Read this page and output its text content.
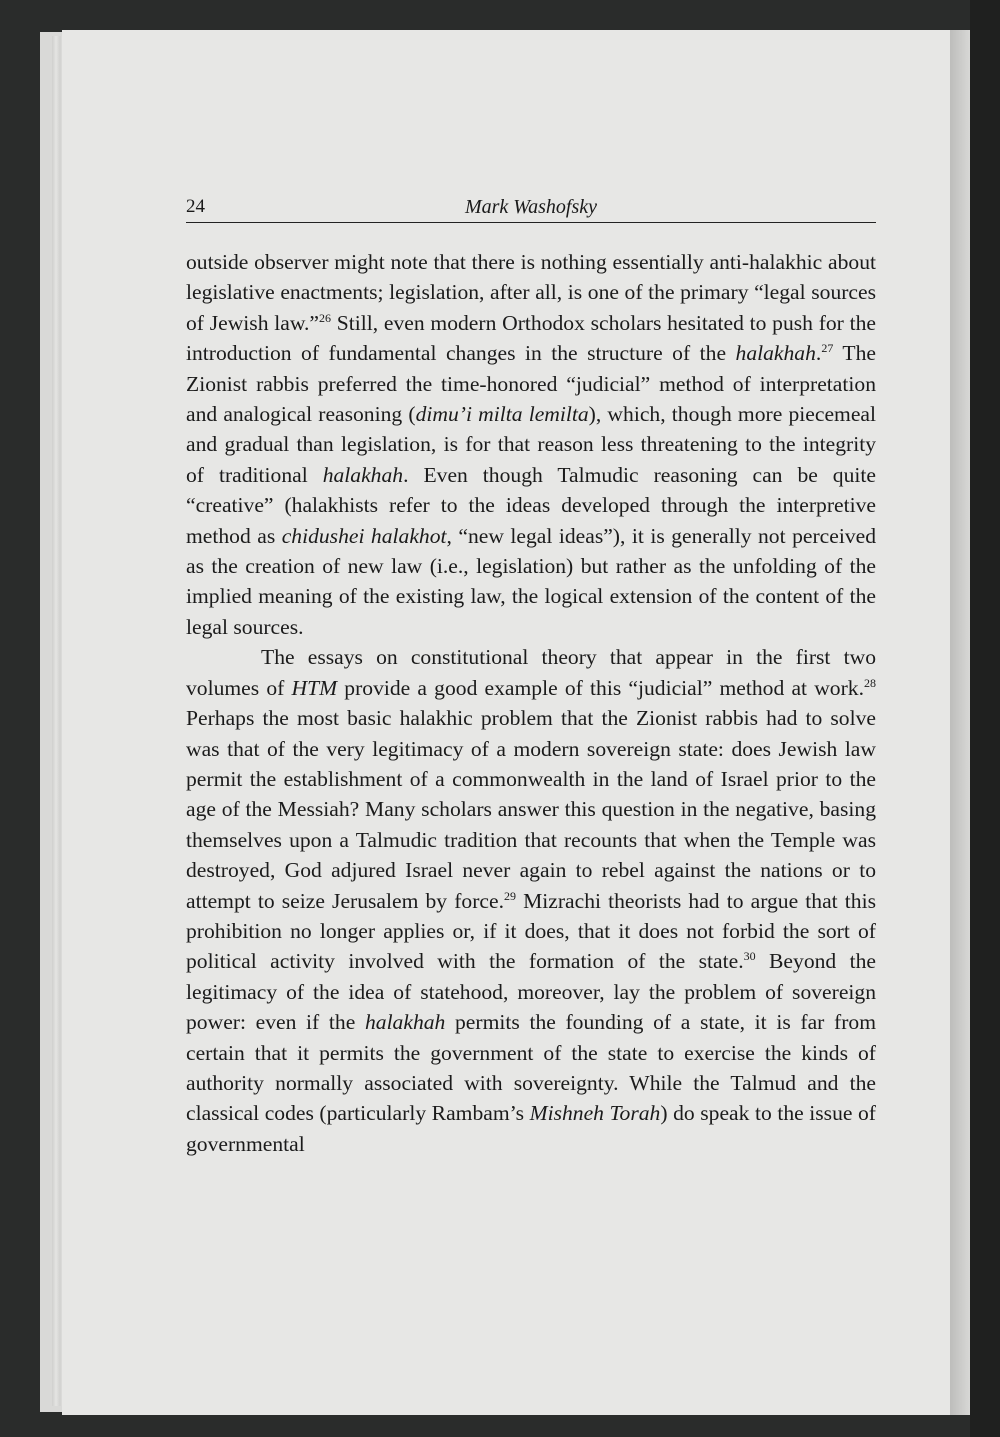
24	Mark Washofsky

outside observer might note that there is nothing essentially anti-halakhic about legislative enactments; legislation, after all, is one of the primary “legal sources of Jewish law.”$^{26}$ Still, even modern Orthodox scholars hesitated to push for the introduction of fundamental changes in the structure of the halakhah.$^{27}$ The Zionist rabbis preferred the time-honored “judicial” method of interpretation and analogical reasoning (dimu’i milta lemilta), which, though more piecemeal and gradual than legislation, is for that reason less threatening to the integrity of traditional halakhah. Even though Talmudic reasoning can be quite “creative” (halakhists refer to the ideas developed through the interpretive method as chidushei halakhot, “new legal ideas”), it is generally not perceived as the creation of new law (i.e., legislation) but rather as the unfolding of the implied meaning of the existing law, the logical extension of the content of the legal sources.

The essays on constitutional theory that appear in the first two volumes of HTM provide a good example of this “judicial” method at work.$^{28}$ Perhaps the most basic halakhic problem that the Zionist rabbis had to solve was that of the very legitimacy of a modern sovereign state: does Jewish law permit the establishment of a commonwealth in the land of Israel prior to the age of the Messiah? Many scholars answer this question in the negative, basing themselves upon a Talmudic tradition that recounts that when the Temple was destroyed, God adjured Israel never again to rebel against the nations or to attempt to seize Jerusalem by force.$^{29}$ Mizrachi theorists had to argue that this prohibition no longer applies or, if it does, that it does not forbid the sort of political activity involved with the formation of the state.$^{30}$ Beyond the legitimacy of the idea of statehood, moreover, lay the problem of sovereign power: even if the halakhah permits the founding of a state, it is far from certain that it permits the government of the state to exercise the kinds of authority normally associated with sovereignty. While the Talmud and the classical codes (particularly Rambam’s Mishneh Torah) do speak to the issue of governmental
